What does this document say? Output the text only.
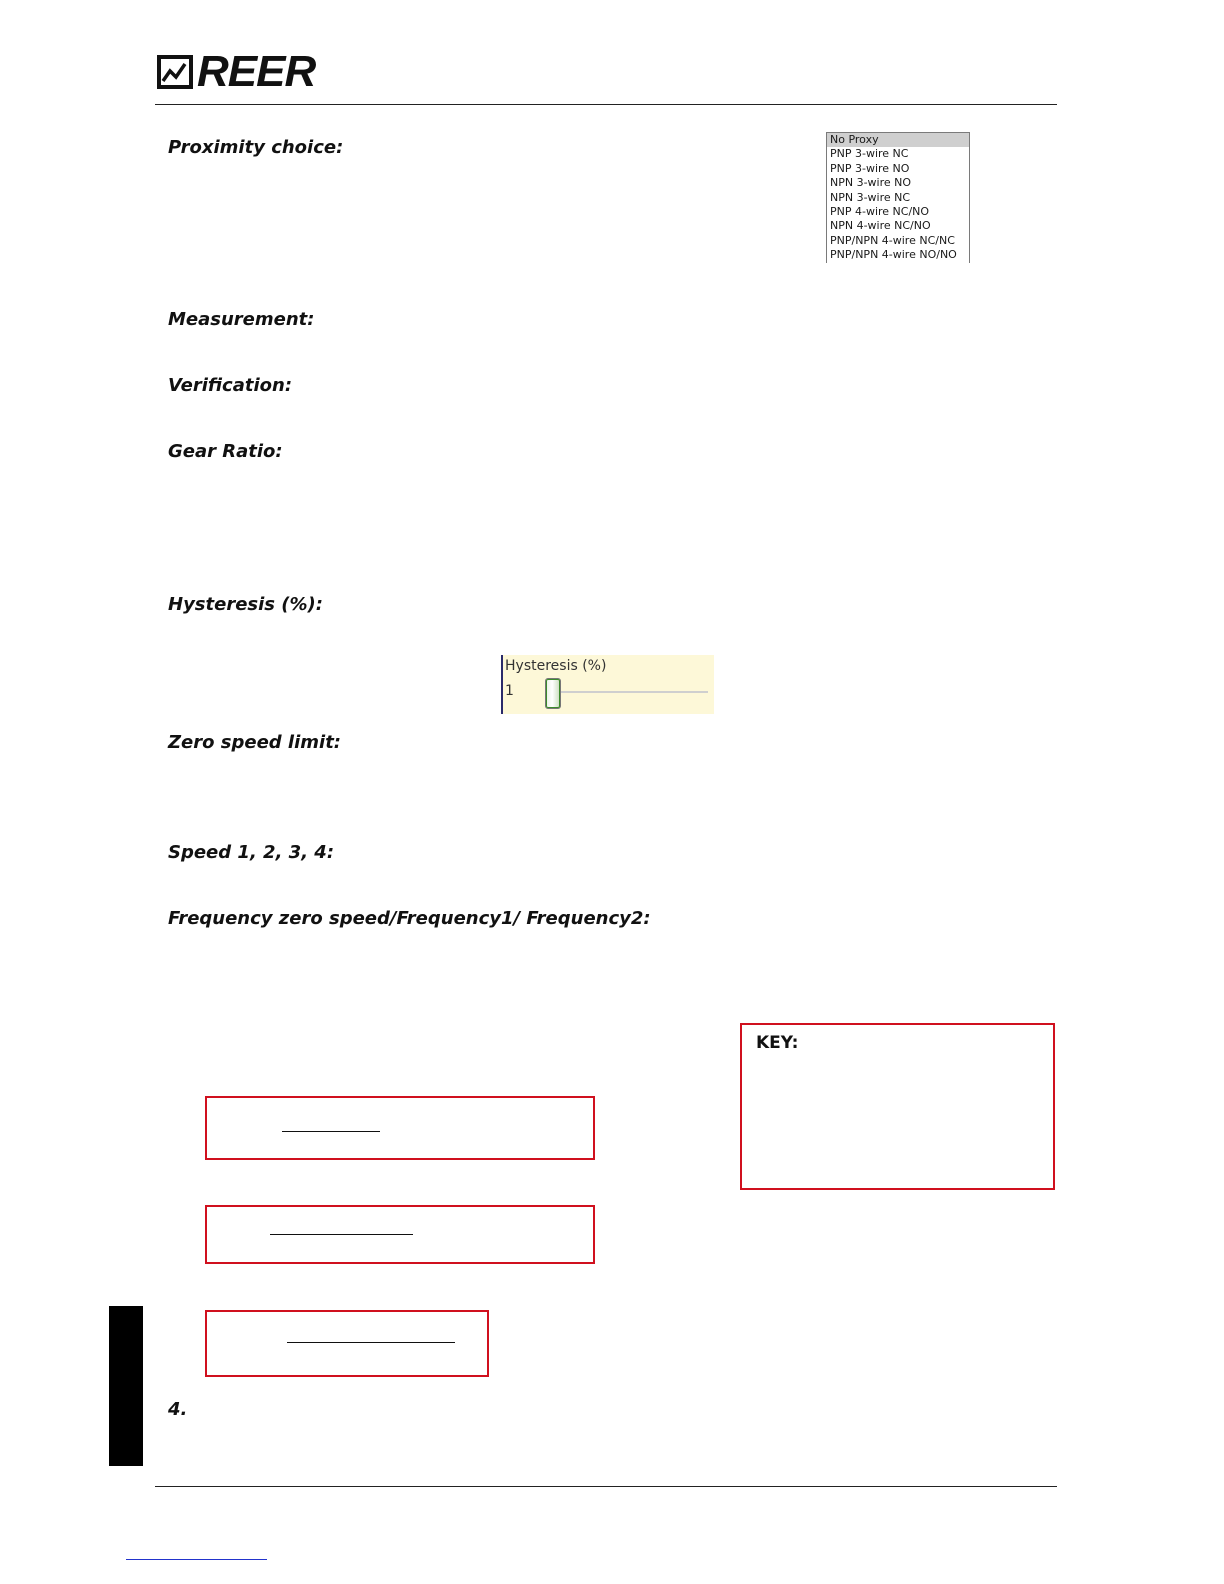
REER
Proximity choice:
Measurement:
Verification:
Gear Ratio:
Hysteresis (%):
Zero speed limit:
Speed 1, 2, 3, 4:
Frequency zero speed/Frequency1/ Frequency2:
4.
No Proxy
PNP 3-wire NC
PNP 3-wire NO
NPN 3-wire NO
NPN 3-wire NC
PNP 4-wire NC/NO
NPN 4-wire NC/NO
PNP/NPN 4-wire NC/NC
PNP/NPN 4-wire NO/NO
Hysteresis (%)
1
KEY:
